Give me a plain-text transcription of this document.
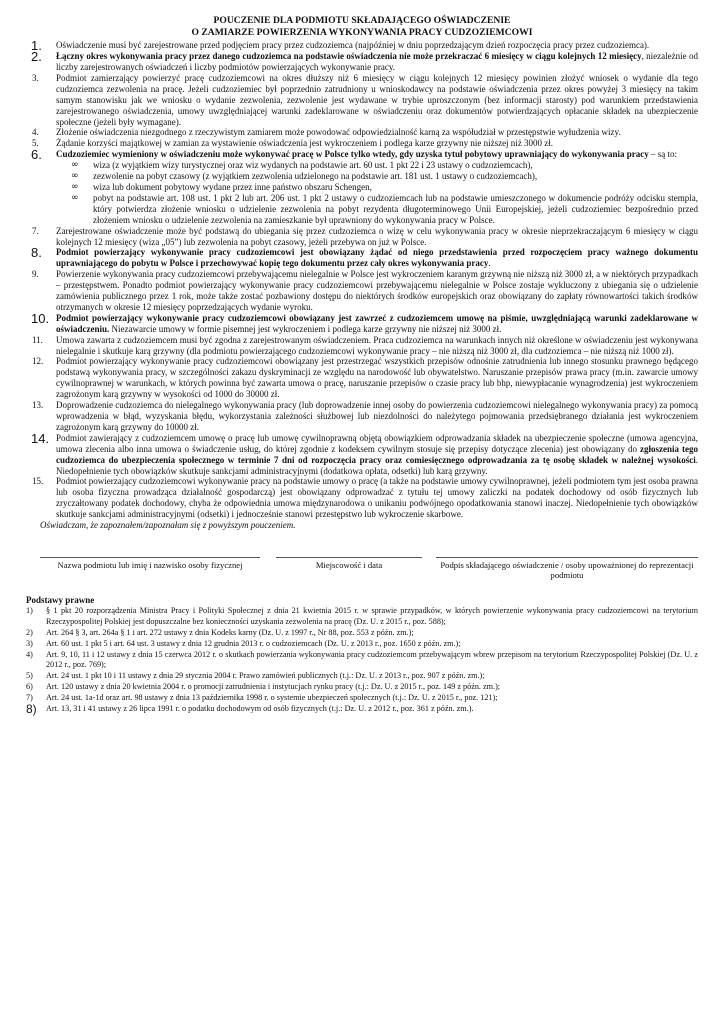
POUCZENIE DLA PODMIOTU SKŁADAJĄCEGO OŚWIADCZENIE
O ZAMIARZE POWIERZENIA WYKONYWANIA PRACY CUDZOZIEMCOWI
1. Oświadczenie musi być zarejestrowane przed podjęciem pracy przez cudzoziemca (najpóźniej w dniu poprzedzającym dzień rozpoczęcia pracy przez cudzoziemca).
2. Łączny okres wykonywania pracy przez danego cudzoziemca na podstawie oświadczenia nie może przekraczać 6 miesięcy w ciągu kolejnych 12 miesięcy, niezależnie od liczby zarejestrowanych oświadczeń i liczby podmiotów powierzających wykonywanie pracy.
3. Podmiot zamierzający powierzyć pracę cudzoziemcowi na okres dłuższy niż 6 miesięcy w ciągu kolejnych 12 miesięcy powinien złożyć wniosek o wydanie dla tego cudzoziemca zezwolenia na pracę. Jeżeli cudzoziemiec był poprzednio zatrudniony u wnioskodawcy na podstawie oświadczenia przez okres powyżej 3 miesięcy na takim samym stanowisku jak we wniosku o wydanie zezwolenia, zezwolenie jest wydawane w trybie uproszczonym (bez informacji starosty) pod warunkiem przedstawienia zarejestrowanego oświadczenia, umowy uwzględniającej warunki zadeklarowane w oświadczeniu oraz dokumentów potwierdzających opłacanie składek na ubezpieczenie społeczne (jeżeli były wymagane).
4. Złożenie oświadczenia niezgodnego z rzeczywistym zamiarem może powodować odpowiedzialność karną za współudział w przestępstwie wyłudzenia wizy.
5. Żądanie korzyści majątkowej w zamian za wystawienie oświadczenia jest wykroczeniem i podlega karze grzywny nie niższej niż 3000 zł.
6. Cudzoziemiec wymieniony w oświadczeniu może wykonywać pracę w Polsce tylko wtedy, gdy uzyska tytuł pobytowy uprawniający do wykonywania pracy – są to:
∞ wiza (z wyjątkiem wizy turystycznej oraz wiz wydanych na podstawie art. 60 ust. 1 pkt 22 i 23 ustawy o cudzoziemcach),
∞ zezwolenie na pobyt czasowy (z wyjątkiem zezwolenia udzielonego na podstawie art. 181 ust. 1 ustawy o cudzoziemcach),
∞ wiza lub dokument pobytowy wydane przez inne państwo obszaru Schengen,
∞ pobyt na podstawie art. 108 ust. 1 pkt 2 lub art. 206 ust. 1 pkt 2 ustawy o cudzoziemcach lub na podstawie umieszczonego w dokumencie podróży odcisku stempla, który potwierdza złożenie wniosku o udzielenie zezwolenia na pobyt rezydenta długoterminowego Unii Europejskiej, jeżeli cudzoziemiec bezpośrednio przed złożeniem wniosku o udzielenie zezwolenia na zamieszkanie był uprawniony do wykonywania pracy w Polsce.
7. Zarejestrowane oświadczenie może być podstawą do ubiegania się przez cudzoziemca o wizę w celu wykonywania pracy w okresie nieprzekraczającym 6 miesięcy w ciągu kolejnych 12 miesięcy (wiza „05”) lub zezwolenia na pobyt czasowy, jeżeli przebywa on już w Polsce.
8. Podmiot powierzający wykonywanie pracy cudzoziemcowi jest obowiązany żądać od niego przedstawienia przed rozpoczęciem pracy ważnego dokumentu uprawniającego do pobytu w Polsce i przechowywać kopię tego dokumentu przez cały okres wykonywania pracy.
9. Powierzenie wykonywania pracy cudzoziemcowi przebywającemu nielegalnie w Polsce jest wykroczeniem karanym grzywną nie niższą niż 3000 zł, a w niektórych przypadkach – przestępstwem. Ponadto podmiot powierzający wykonywanie pracy cudzoziemcowi przebywającemu nielegalnie w Polsce zostaje wykluczony z ubiegania się o udzielenie zamówienia publicznego przez 1 rok, może także zostać pozbawiony dostępu do niektórych środków europejskich oraz obowiązany do zapłaty równowartości takich środków otrzymanych w okresie 12 miesięcy poprzedzających wydanie wyroku.
10. Podmiot powierzający wykonywanie pracy cudzoziemcowi obowiązany jest zawrzeć z cudzoziemcem umowę na piśmie, uwzględniającą warunki zadeklarowane w oświadczeniu. Niezawarcie umowy w formie pisemnej jest wykroczeniem i podlega karze grzywny nie niższej niż 3000 zł.
11. Umowa zawarta z cudzoziemcem musi być zgodna z zarejestrowanym oświadczeniem. Praca cudzoziemca na warunkach innych niż określone w oświadczeniu jest wykonywana nielegalnie i skutkuje karą grzywny (dla podmiotu powierzającego cudzoziemcowi wykonywanie pracy – nie niższą niż 3000 zł, dla cudzoziemca – nie niższą niż 1000 zł).
12. Podmiot powierzający wykonywanie pracy cudzoziemcowi obowiązany jest przestrzegać wszystkich przepisów odnośnie zatrudnienia lub innego stosunku prawnego będącego podstawą wykonywania pracy, w szczególności zakazu dyskryminacji ze względu na narodowość lub obywatelstwo. Naruszanie przepisów prawa pracy (m.in. zawarcie umowy cywilnoprawnej w warunkach, w których powinna być zawarta umowa o pracę, naruszanie przepisów o czasie pracy lub bhp, niewypłacanie wynagrodzenia) jest wykroczeniem zagrożonym karą grzywny w wysokości od 1000 do 30000 zł.
13. Doprowadzenie cudzoziemca do nielegalnego wykonywania pracy (lub doprowadzenie innej osoby do powierzenia cudzoziemcowi nielegalnego wykonywania pracy) za pomocą wprowadzenia w błąd, wyzyskania błędu, wykorzystania zależności służbowej lub niezdolności do należytego pojmowania przedsiębranego działania jest wykroczeniem zagrożonym karą grzywny do 10000 zł.
14. Podmiot zawierający z cudzoziemcem umowę o pracę lub umowę cywilnoprawną objętą obowiązkiem odprowadzania składek na ubezpieczenie społeczne (umowa agencyjna, umowa zlecenia albo inna umowa o świadczenie usług, do której zgodnie z kodeksem cywilnym stosuje się przepisy dotyczące zlecenia) jest obowiązany do zgłoszenia tego cudzoziemca do ubezpieczenia społecznego w terminie 7 dni od rozpoczęcia pracy oraz comiesięcznego odprowadzania za tę osobę składek w należnej wysokości. Niedopełnienie tych obowiązków skutkuje sankcjami administracyjnymi (dodatkowa opłata, odsetki) lub karą grzywny.
15. Podmiot powierzający cudzoziemcowi wykonywanie pracy na podstawie umowy o pracę (a także na podstawie umowy cywilnoprawnej, jeżeli podmiotem tym jest osoba prawna lub osoba fizyczna prowadząca działalność gospodarczą) jest obowiązany odprowadzać z tytułu tej umowy zaliczki na podatek dochodowy od osób fizycznych lub zryczałtowany podatek dochodowy, chyba że odpowiednia umowa międzynarodowa o unikaniu podwójnego opodatkowania stanowi inaczej. Niedopełnienie tych obowiązków skutkuje sankcjami administracyjnymi (odsetki) i jednocześnie stanowi przestępstwo lub wykroczenie skarbowe.
Oświadczam, że zapoznałem/zapoznałam się z powyższym pouczeniem.
Nazwa podmiotu lub imię i nazwisko osoby fizycznej	Miejscowość i data	Podpis składającego oświadczenie / osoby upoważnionej do reprezentacji podmiotu
Podstawy prawne
1) § 1 pkt 20 rozporządzenia Ministra Pracy i Polityki Społecznej z dnia 21 kwietnia 2015 r. w sprawie przypadków, w których powierzenie wykonywania pracy cudzoziemcowi na terytorium Rzeczypospolitej Polskiej jest dopuszczalne bez konieczności uzyskania zezwolenia na pracę (Dz. U. z 2015 r., poz. 588);
2) Art. 264 § 3, art. 264a § 1 i art. 272 ustawy z dnia Kodeks karny (Dz. U. z 1997 r., Nr 88, poz. 553 z późn. zm.);
3) Art. 60 ust. 1 pkt 5 i art. 64 ust. 3 ustawy z dnia 12 grudnia 2013 r. o cudzoziemcach (Dz. U. z 2013 r., poz. 1650 z późn. zm.);
4) Art. 9, 10, 11 i 12 ustawy z dnia 15 czerwca 2012 r. o skutkach powierzania wykonywania pracy cudzoziemcom przebywającym wbrew przepisom na terytorium Rzeczypospolitej Polskiej (Dz. U. z 2012 r., poz. 769);
5) Art. 24 ust. 1 pkt 10 i 11 ustawy z dnia 29 stycznia 2004 r. Prawo zamówień publicznych (t.j.: Dz. U. z 2013 r., poz. 907 z późn. zm.);
6) Art. 120 ustawy z dnia 20 kwietnia 2004 r. o promocji zatrudnienia i instytucjach rynku pracy (t.j.: Dz. U. z 2015 r., poz. 149 z późn. zm.);
7) Art. 24 ust. 1a-1d oraz art. 98 ustawy z dnia 13 października 1998 r. o systemie ubezpieczeń społecznych (t.j.: Dz. U. z 2015 r., poz. 121);
8) Art. 13, 31 i 41 ustawy z 26 lipca 1991 r. o podatku dochodowym od osób fizycznych (t.j.: Dz. U. z 2012 r., poz. 361 z późn. zm.).
